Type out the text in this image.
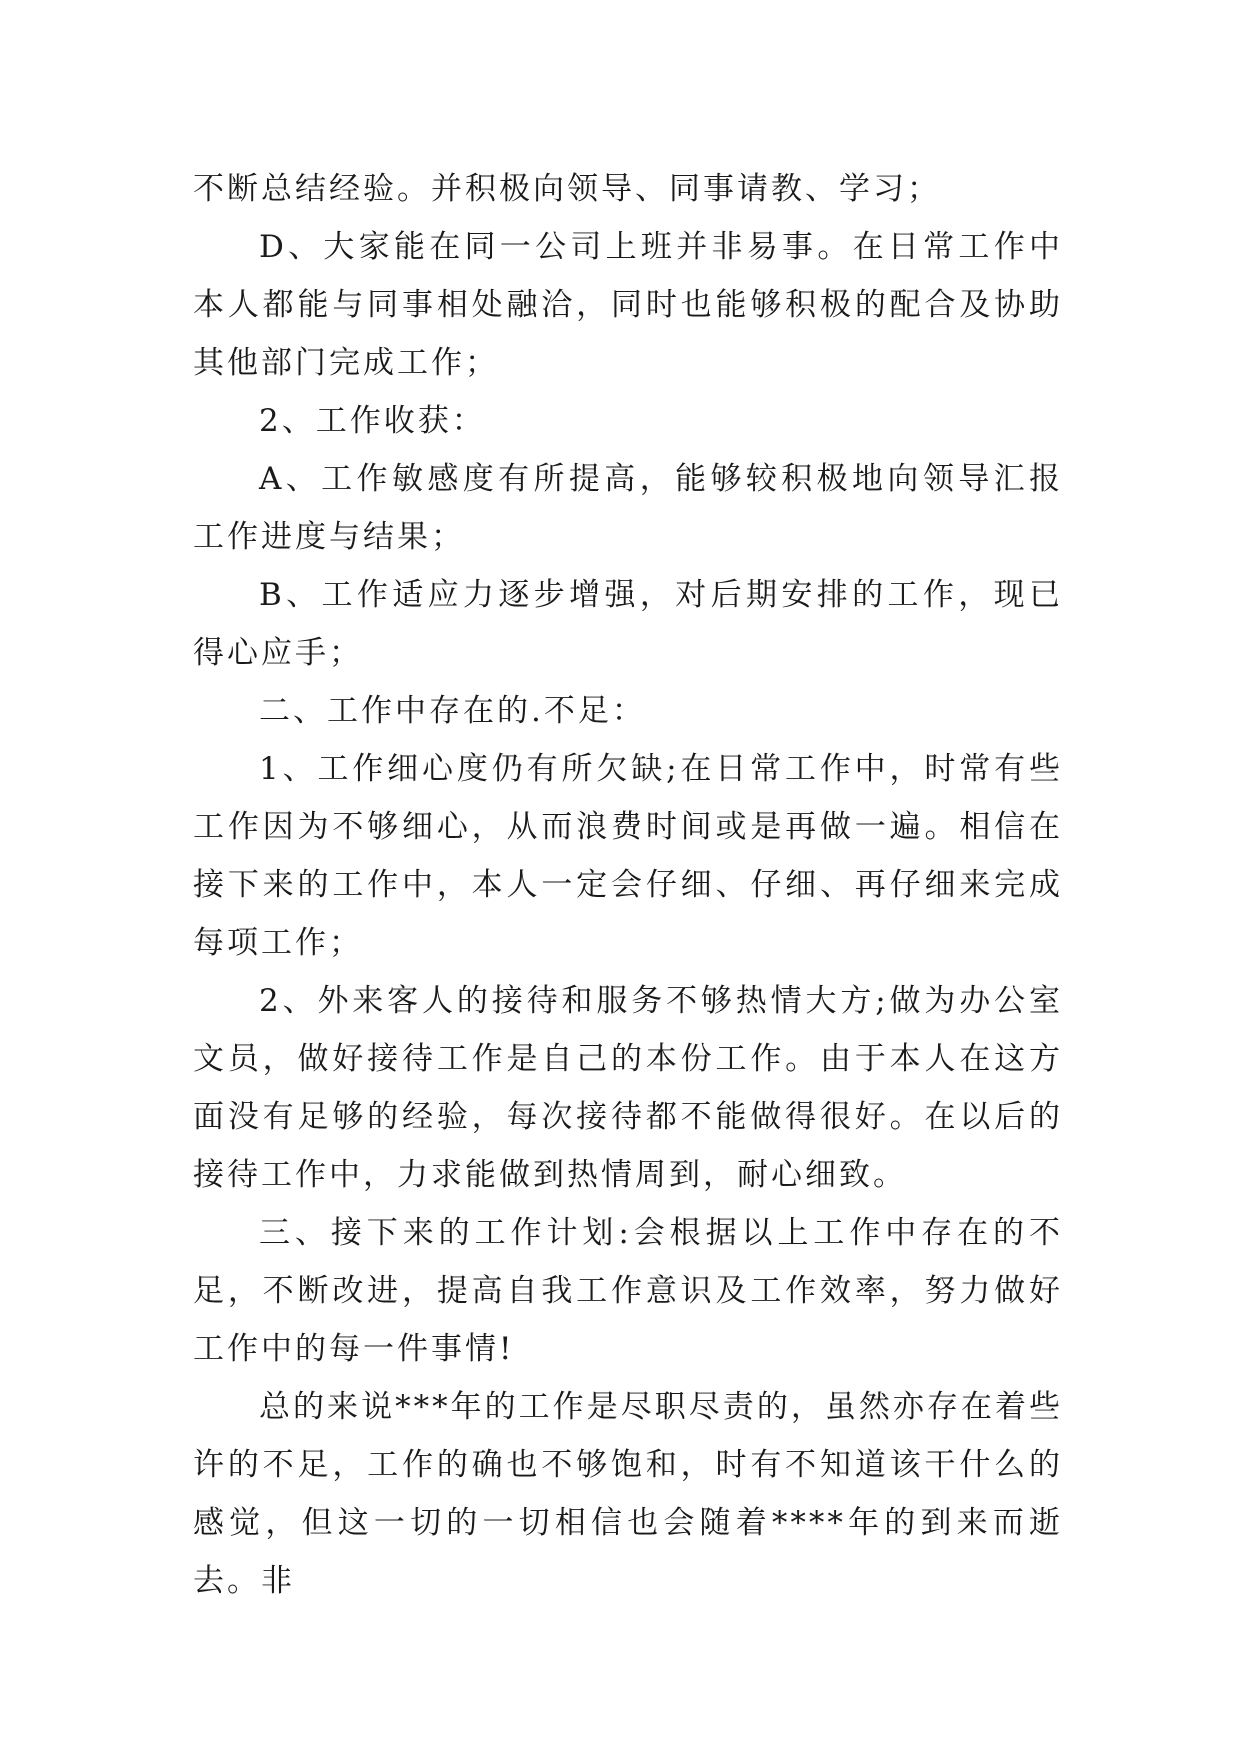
不断总结经验。并积极向领导、同事请教、学习；

D、大家能在同一公司上班并非易事。在日常工作中本人都能与同事相处融洽，同时也能够积极的配合及协助其他部门完成工作；

2、工作收获：

A、工作敏感度有所提高，能够较积极地向领导汇报工作进度与结果；

B、工作适应力逐步增强，对后期安排的工作，现已得心应手；

二、工作中存在的.不足：

1、工作细心度仍有所欠缺;在日常工作中，时常有些工作因为不够细心，从而浪费时间或是再做一遍。相信在接下来的工作中，本人一定会仔细、仔细、再仔细来完成每项工作；

2、外来客人的接待和服务不够热情大方;做为办公室文员，做好接待工作是自己的本份工作。由于本人在这方面没有足够的经验，每次接待都不能做得很好。在以后的接待工作中，力求能做到热情周到，耐心细致。

三、接下来的工作计划:会根据以上工作中存在的不足，不断改进，提高自我工作意识及工作效率，努力做好工作中的每一件事情!

总的来说***年的工作是尽职尽责的，虽然亦存在着些许的不足，工作的确也不够饱和，时有不知道该干什么的感觉，但这一切的一切相信也会随着****年的到来而逝去。非
